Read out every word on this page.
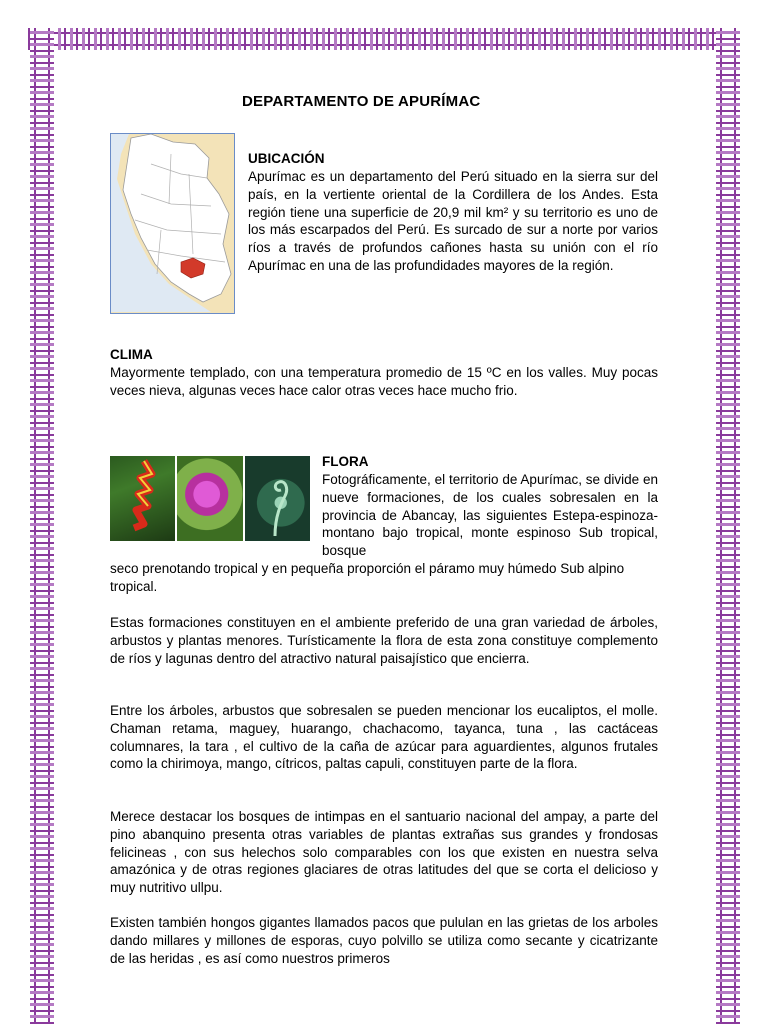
DEPARTAMENTO DE APURÍMAC
UBICACIÓN

Apurímac es un departamento del Perú situado en la sierra sur del país, en la vertiente oriental de la Cordillera de los Andes. Esta región tiene una superficie de 20,9 mil km² y su territorio es uno de los más escarpados del Perú. Es surcado de sur a norte por varios ríos a través de profundos cañones hasta su unión con el río Apurímac en una de las profundidades mayores de la región.

CLIMA

Mayormente templado, con una temperatura promedio de 15 ºC en los valles. Muy pocas veces nieva, algunas veces hace calor otras veces hace mucho frio.

FLORA

Fotográficamente, el territorio de Apurímac, se divide en nueve formaciones, de los cuales sobresalen en la provincia de Abancay, las siguientes Estepa-espinoza-montano bajo tropical, monte espinoso Sub tropical, bosque

seco prenotando tropical y en pequeña proporción el páramo muy húmedo Sub alpino tropical.

Estas formaciones constituyen en el ambiente preferido de una gran variedad de árboles, arbustos y plantas menores. Turísticamente la flora de esta zona constituye complemento de ríos y lagunas dentro del atractivo natural paisajístico que encierra.

Entre los árboles, arbustos que sobresalen se pueden mencionar los eucaliptos, el molle. Chaman retama, maguey, huarango, chachacomo, tayanca, tuna , las cactáceas columnares, la tara , el cultivo de la caña de azúcar para aguardientes, algunos frutales como la chirimoya, mango, cítricos, paltas capuli, constituyen parte de la flora.

Merece destacar los bosques de intimpas en el santuario nacional del ampay, a parte del pino abanquino presenta otras variables de plantas extrañas sus grandes y frondosas felicineas , con sus helechos solo comparables con los que existen en nuestra selva amazónica y de otras regiones glaciares de otras latitudes del que se corta el delicioso y muy nutritivo ullpu.

Existen también hongos gigantes llamados pacos que pululan en las grietas de los arboles dando millares y millones de esporas, cuyo polvillo se utiliza como secante y cicatrizante de las heridas , es así como nuestros primeros
